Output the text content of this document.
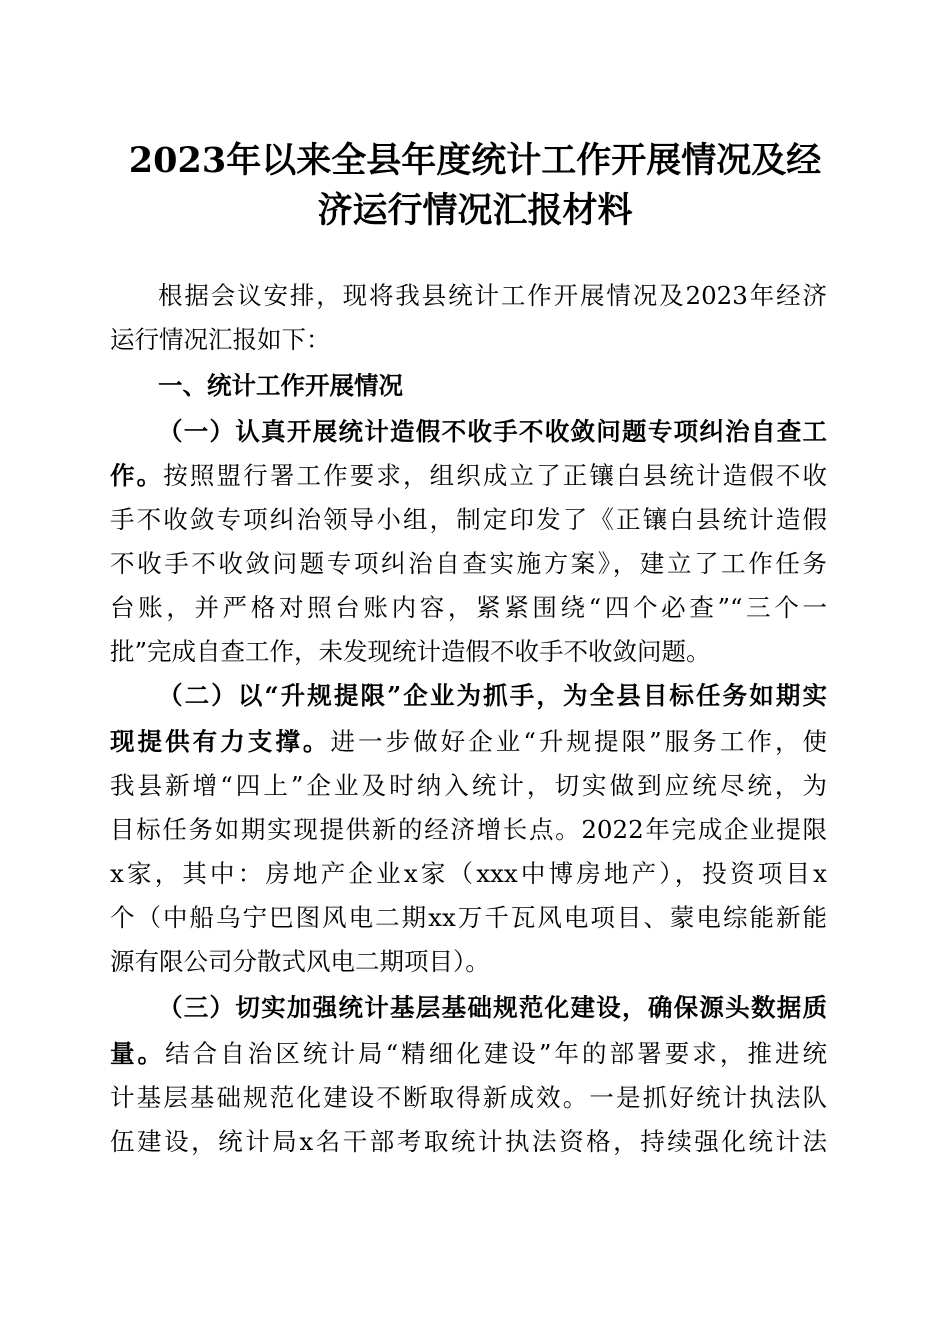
2023年以来全县年度统计工作开展情况及经
济运行情况汇报材料
根据会议安排，现将我县统计工作开展情况及2023年经济
运行情况汇报如下：
一、统计工作开展情况
（一）认真开展统计造假不收手不收敛问题专项纠治自查工
作。按照盟行署工作要求，组织成立了正镶白县统计造假不收
手不收敛专项纠治领导小组，制定印发了《正镶白县统计造假
不收手不收敛问题专项纠治自查实施方案》，建立了工作任务
台账，并严格对照台账内容，紧紧围绕“四个必查”“三个一
批”完成自查工作，未发现统计造假不收手不收敛问题。
（二）以“升规提限”企业为抓手，为全县目标任务如期实
现提供有力支撑。进一步做好企业“升规提限”服务工作，使
我县新增“四上”企业及时纳入统计，切实做到应统尽统，为
目标任务如期实现提供新的经济增长点。2022年完成企业提限
x家，其中：房地产企业x家（xxx中博房地产），投资项目x
个（中船乌宁巴图风电二期xx万千瓦风电项目、蒙电综能新能
源有限公司分散式风电二期项目）。
（三）切实加强统计基层基础规范化建设，确保源头数据质
量。结合自治区统计局“精细化建设”年的部署要求，推进统
计基层基础规范化建设不断取得新成效。一是抓好统计执法队
伍建设，统计局x名干部考取统计执法资格，持续强化统计法
